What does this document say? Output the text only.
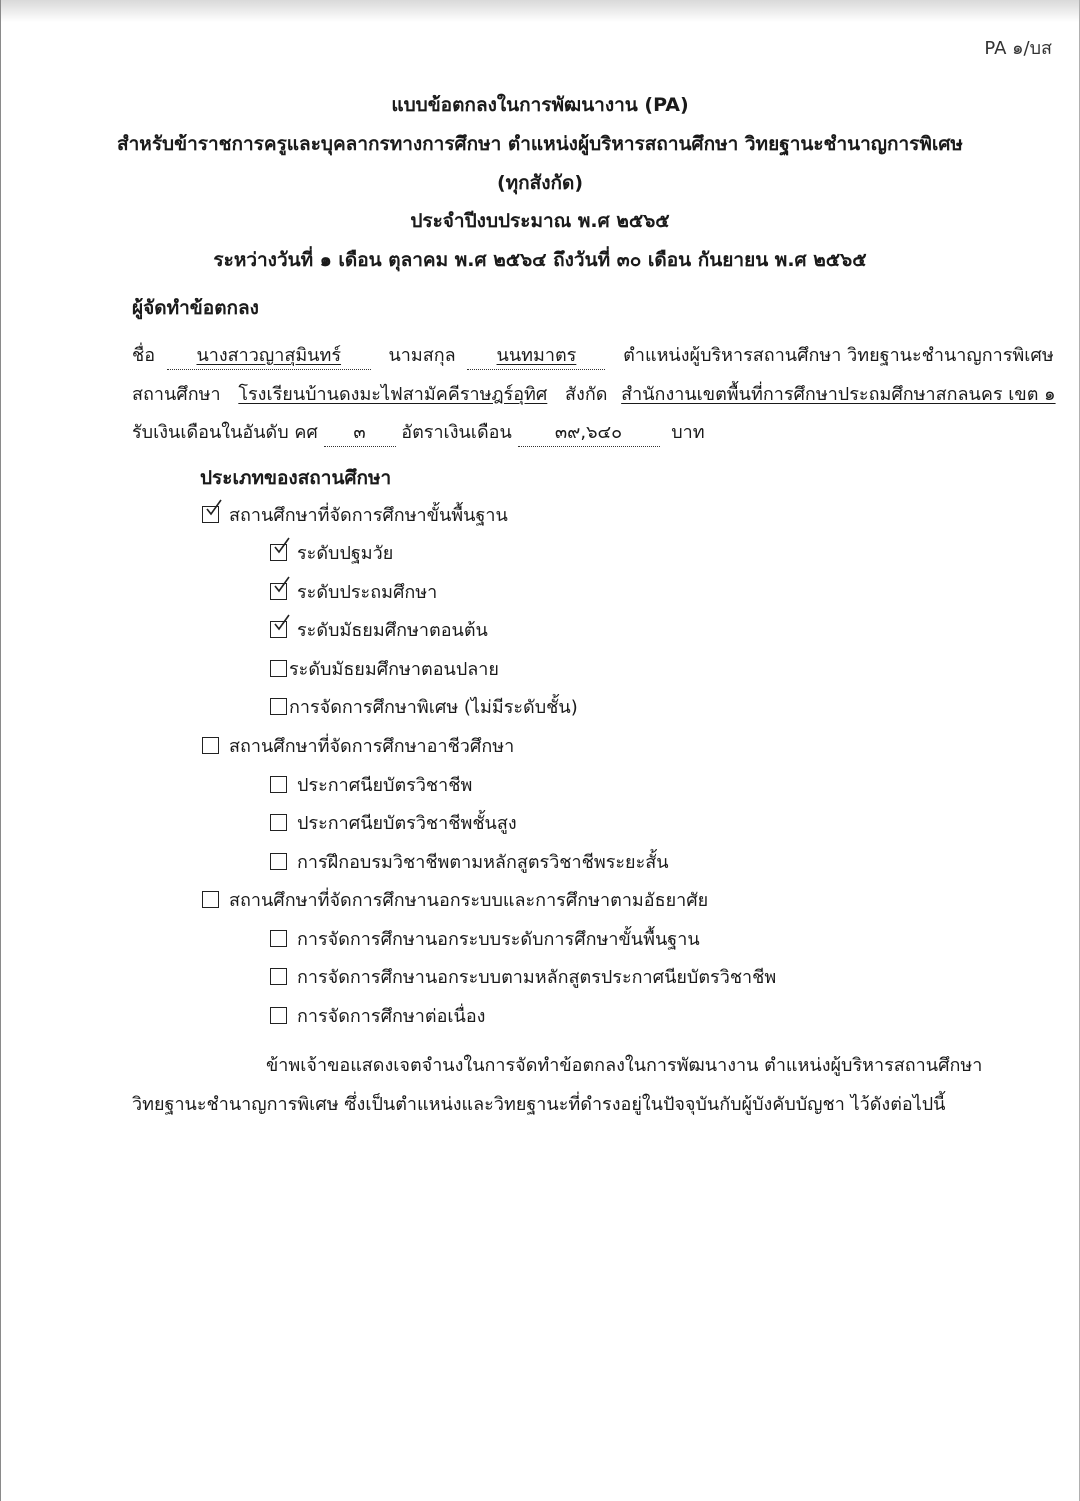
PA ๑/บส
แบบข้อตกลงในการพัฒนางาน (PA)
สำหรับข้าราชการครูและบุคลากรทางการศึกษา ตำแหน่งผู้บริหารสถานศึกษา วิทยฐานะชำนาญการพิเศษ
(ทุกสังกัด)
ประจำปีงบประมาณ พ.ศ ๒๕๖๕
ระหว่างวันที่ ๑ เดือน ตุลาคม พ.ศ ๒๕๖๔ ถึงวันที่ ๓๐ เดือน กันยายน พ.ศ ๒๕๖๕
ผู้จัดทำข้อตกลง
ชื่อ นางสาวญาสุมินทร์	นามสกุล นนทมาตร	ตำแหน่งผู้บริหารสถานศึกษา วิทยฐานะชำนาญการพิเศษ
สถานศึกษา โรงเรียนบ้านดงมะไฟสามัคคีราษฎร์อุทิศ สังกัด สำนักงานเขตพื้นที่การศึกษาประถมศึกษาสกลนคร เขต ๑
รับเงินเดือนในอันดับ คศ ๓ อัตราเงินเดือน ๓๙,๖๔๐	บาท
ประเภทของสถานศึกษา
สถานศึกษาที่จัดการศึกษาขั้นพื้นฐาน
ระดับปฐมวัย
ระดับประถมศึกษา
ระดับมัธยมศึกษาตอนต้น
ระดับมัธยมศึกษาตอนปลาย
การจัดการศึกษาพิเศษ (ไม่มีระดับชั้น)
สถานศึกษาที่จัดการศึกษาอาชีวศึกษา
ประกาศนียบัตรวิชาชีพ
ประกาศนียบัตรวิชาชีพชั้นสูง
การฝึกอบรมวิชาชีพตามหลักสูตรวิชาชีพระยะสั้น
สถานศึกษาที่จัดการศึกษานอกระบบและการศึกษาตามอัธยาศัย
การจัดการศึกษานอกระบบระดับการศึกษาขั้นพื้นฐาน
การจัดการศึกษานอกระบบตามหลักสูตรประกาศนียบัตรวิชาชีพ
การจัดการศึกษาต่อเนื่อง
ข้าพเจ้าขอแสดงเจตจำนงในการจัดทำข้อตกลงในการพัฒนางาน ตำแหน่งผู้บริหารสถานศึกษา
วิทยฐานะชำนาญการพิเศษ ซึ่งเป็นตำแหน่งและวิทยฐานะที่ดำรงอยู่ในปัจจุบันกับผู้บังคับบัญชา ไว้ดังต่อไปนี้
